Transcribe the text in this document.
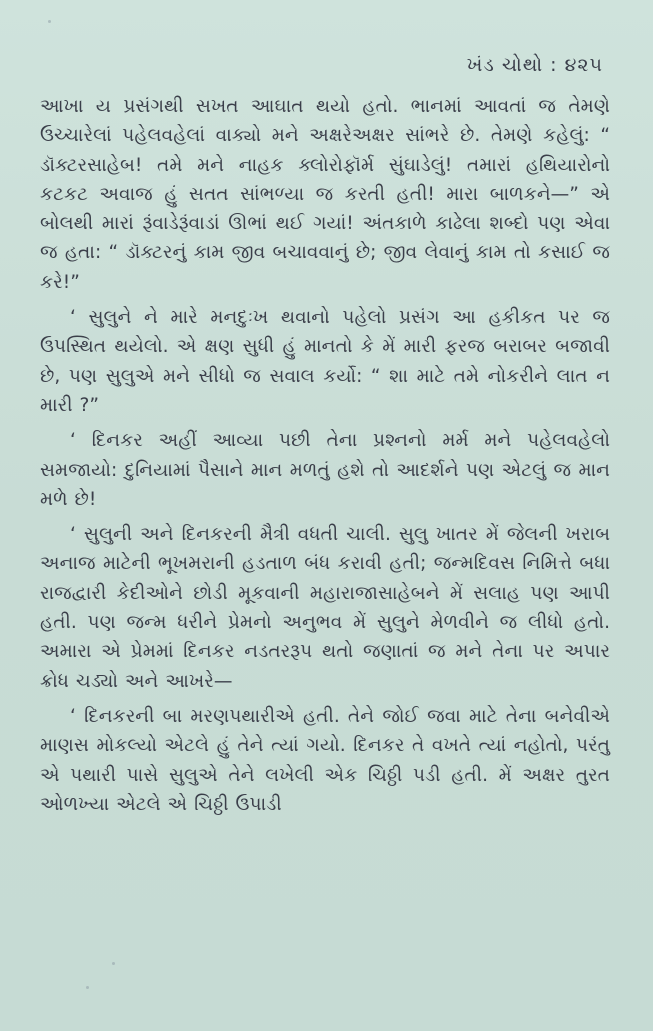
ખંડ ચોથો : ૪૨૫

આખા ય પ્રસંગથી સખત આઘાત થયો હતો. ભાનમાં આવતાં જ તેમણે ઉચ્ચારેલાં પહેલવહેલાં વાક્યો મને અક્ષરેઅક્ષર સાંભરે છે. તેમણે કહેલું: “ ડૉક્ટરસાહેબ! તમે મને નાહક ક્લોરોફૉર્મ સુંઘાડેલું! તમારાં હથિયારોનો કટકટ અવાજ હું સતત સાંભળ્યા જ કરતી હતી! મારા બાળકને—” એ બોલથી મારાં રૂંવાડેરૂંવાડાં ઊભાં થઈ ગયાં! અંતકાળે કાઢેલા શબ્દો પણ એવા જ હતા: “ ડૉક્ટરનું કામ જીવ બચાવવાનું છે; જીવ લેવાનું કામ તો કસાઈ જ કરે!”

‘ સુલુને ને મારે મનદુઃખ થવાનો પહેલો પ્રસંગ આ હકીકત પર જ ઉપસ્થિત થયેલો. એ ક્ષણ સુધી હું માનતો કે મેં મારી ફરજ બરાબર બજાવી છે, પણ સુલુએ મને સીધો જ સવાલ કર્યો: “ શા માટે તમે નોકરીને લાત ન મારી ?”

‘ દિનકર અહીં આવ્યા પછી તેના પ્રશ્નનો મર્મ મને પહેલવહેલો સમજાયો: દુનિયામાં પૈસાને માન મળતું હશે તો આદર્શને પણ એટલું જ માન મળે છે!

‘ સુલુની અને દિનકરની મૈત્રી વધતી ચાલી. સુલુ ખાતર મેં જેલની ખરાબ અનાજ માટેની ભૂખમરાની હડતાળ બંધ કરાવી હતી; જન્મદિવસ નિમિત્તે બધા રાજદ્વારી કેદીઓને છોડી મૂકવાની મહારાજાસાહેબને મેં સલાહ પણ આપી હતી. પણ જન્મ ધરીને પ્રેમનો અનુભવ મેં સુલુને મેળવીને જ લીધો હતો. અમારા એ પ્રેમમાં દિનકર નડતરરૂપ થતો જણાતાં જ મને તેના પર અપાર ક્રોધ ચડ્યો અને આખરે—

‘ દિનકરની બા મરણપથારીએ હતી. તેને જોઈ જવા માટે તેના બનેવીએ માણસ મોકલ્યો એટલે હું તેને ત્યાં ગયો. દિનકર તે વખતે ત્યાં નહોતો, પરંતુ એ પથારી પાસે સુલુએ તેને લખેલી એક ચિઠ્ઠી પડી હતી. મેં અક્ષર તુરત ઓળખ્યા એટલે એ ચિઠ્ઠી ઉપાડી
